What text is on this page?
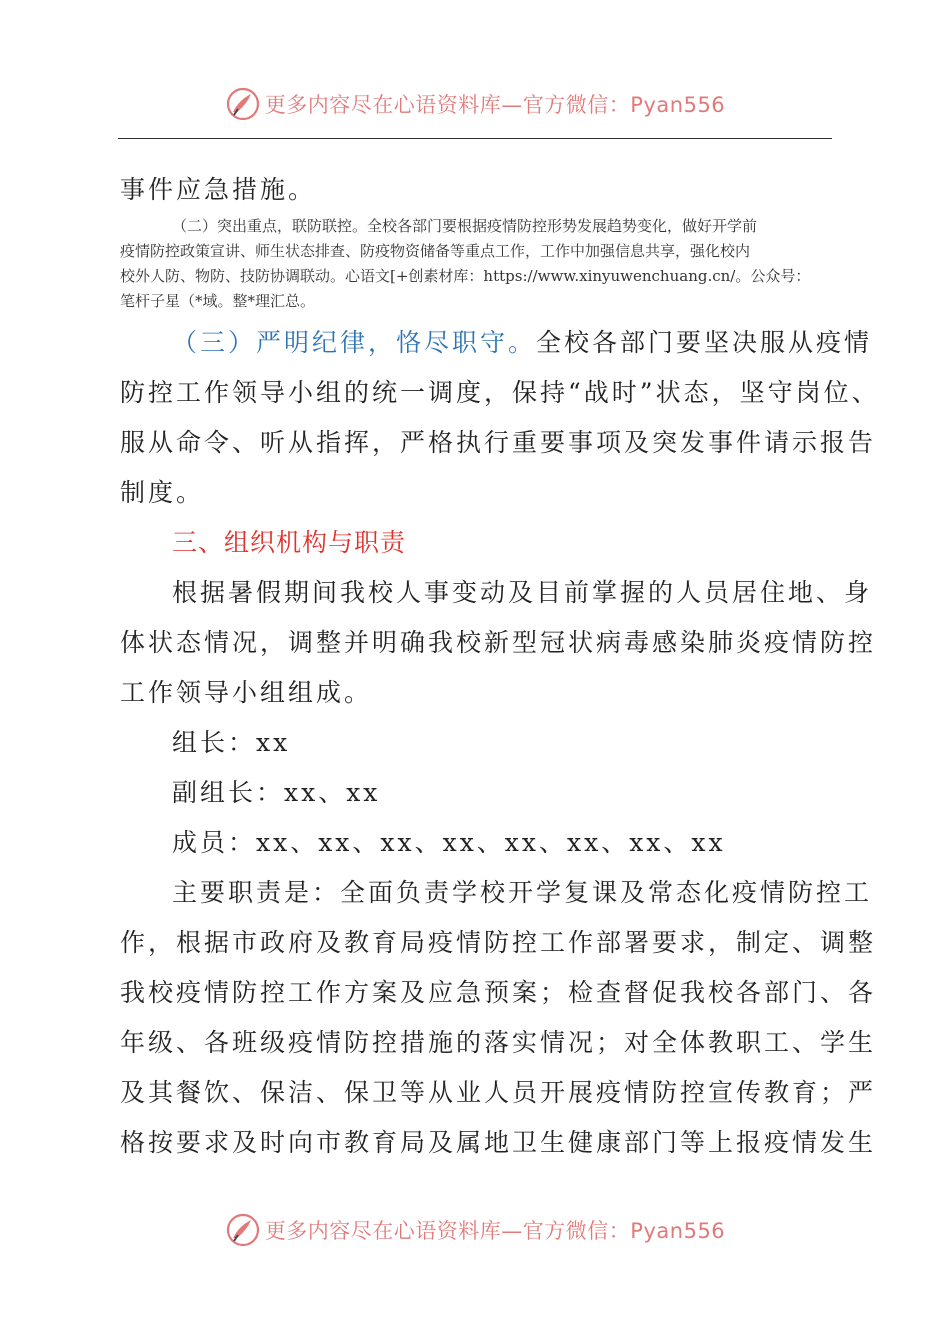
更多内容尽在心语资料库—官方微信：Pyan556
事件应急措施。
（二）突出重点，联防联控。全校各部门要根据疫情防控形势发展趋势变化，做好开学前
疫情防控政策宣讲、师生状态排查、防疫物资储备等重点工作，工作中加强信息共享，强化校内
校外人防、物防、技防协调联动。心语文[+创素材库：https://www.xinyuwenchuang.cn/。公众号：
笔杆子星（*域。整*理汇总。
（三）严明纪律，恪尽职守。全校各部门要坚决服从疫情
防控工作领导小组的统一调度，保持“战时”状态，坚守岗位、
服从命令、听从指挥，严格执行重要事项及突发事件请示报告
制度。
三、组织机构与职责
根据暑假期间我校人事变动及目前掌握的人员居住地、身
体状态情况，调整并明确我校新型冠状病毒感染肺炎疫情防控
工作领导小组组成。
组长：xx
副组长：xx、xx
成员：xx、xx、xx、xx、xx、xx、xx、xx
主要职责是：全面负责学校开学复课及常态化疫情防控工
作，根据市政府及教育局疫情防控工作部署要求，制定、调整
我校疫情防控工作方案及应急预案；检查督促我校各部门、各
年级、各班级疫情防控措施的落实情况；对全体教职工、学生
及其餐饮、保洁、保卫等从业人员开展疫情防控宣传教育；严
格按要求及时向市教育局及属地卫生健康部门等上报疫情发生
更多内容尽在心语资料库—官方微信：Pyan556
